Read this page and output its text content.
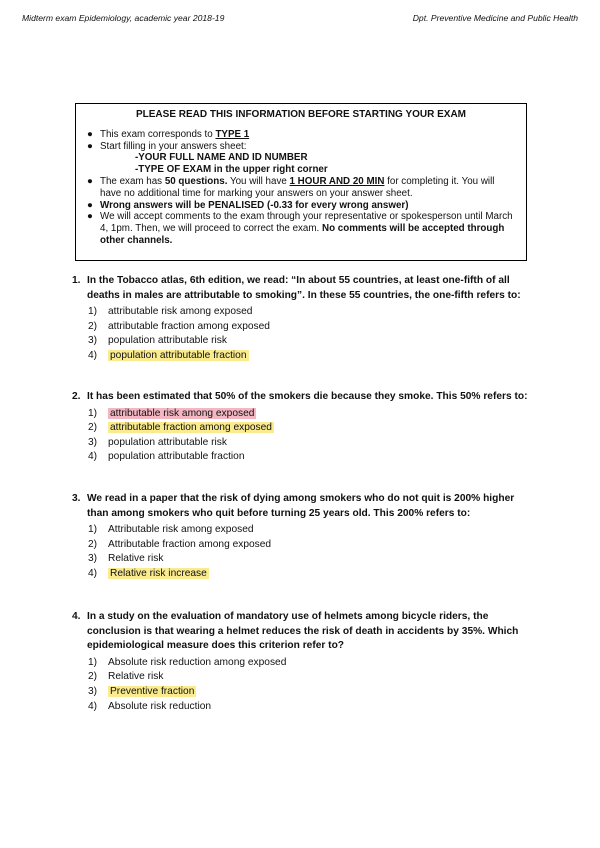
Midterm exam Epidemiology, academic year 2018-19	Dpt. Preventive Medicine and Public Health
PLEASE READ THIS INFORMATION BEFORE STARTING YOUR EXAM
● This exam corresponds to TYPE 1
● Start filling in your answers sheet:
-YOUR FULL NAME AND ID NUMBER
-TYPE OF EXAM in the upper right corner
● The exam has 50 questions. You will have 1 HOUR AND 20 MIN for completing it. You will have no additional time for marking your answers on your answer sheet.
● Wrong answers will be PENALISED (-0.33 for every wrong answer)
● We will accept comments to the exam through your representative or spokesperson until March 4, 1pm. Then, we will proceed to correct the exam. No comments will be accepted through other channels.
1. In the Tobacco atlas, 6th edition, we read: “In about 55 countries, at least one-fifth of all deaths in males are attributable to smoking”. In these 55 countries, the one-fifth refers to:
1) attributable risk among exposed
2) attributable fraction among exposed
3) population attributable risk
4) population attributable fraction
2. It has been estimated that 50% of the smokers die because they smoke. This 50% refers to:
1) attributable risk among exposed
2) attributable fraction among exposed
3) population attributable risk
4) population attributable fraction
3. We read in a paper that the risk of dying among smokers who do not quit is 200% higher than among smokers who quit before turning 25 years old. This 200% refers to:
1) Attributable risk among exposed
2) Attributable fraction among exposed
3) Relative risk
4) Relative risk increase
4. In a study on the evaluation of mandatory use of helmets among bicycle riders, the conclusion is that wearing a helmet reduces the risk of death in accidents by 35%. Which epidemiological measure does this criterion refer to?
1) Absolute risk reduction among exposed
2) Relative risk
3) Preventive fraction
4) Absolute risk reduction
